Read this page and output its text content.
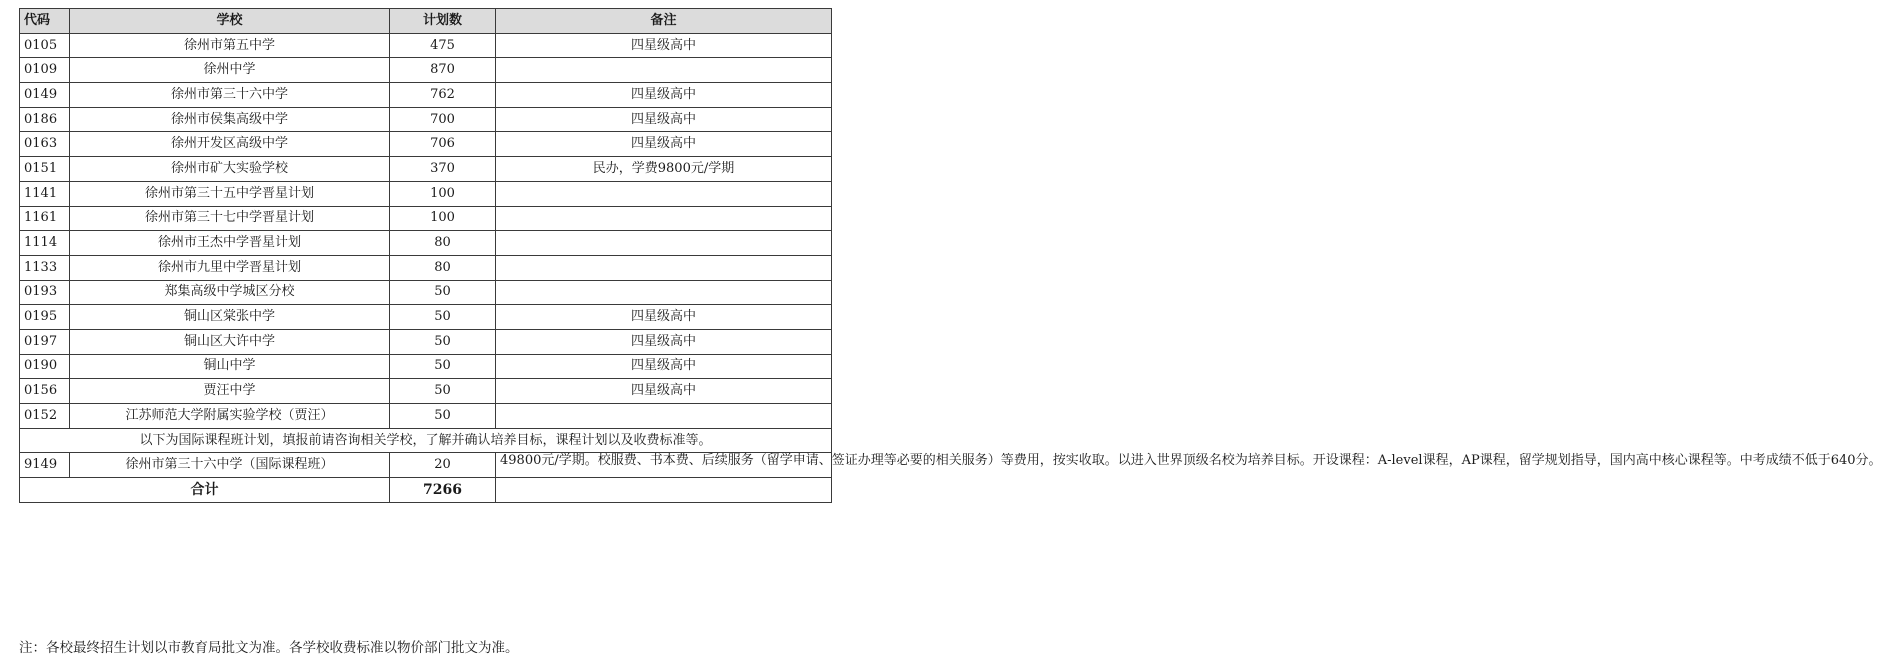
代码	学校	计划数	备注
0105	徐州市第五中学	475	四星级高中
0109	徐州中学	870	
0149	徐州市第三十六中学	762	四星级高中
0186	徐州市侯集高级中学	700	四星级高中
0163	徐州开发区高级中学	706	四星级高中
0151	徐州市矿大实验学校	370	民办，学费9800元/学期
1141	徐州市第三十五中学晋星计划	100	
1161	徐州市第三十七中学晋星计划	100	
1114	徐州市王杰中学晋星计划	80	
1133	徐州市九里中学晋星计划	80	
0193	郑集高级中学城区分校	50	
0195	铜山区棠张中学	50	四星级高中
0197	铜山区大许中学	50	四星级高中
0190	铜山中学	50	四星级高中
0156	贾汪中学	50	四星级高中
0152	江苏师范大学附属实验学校（贾汪）	50	
以下为国际课程班计划，填报前请咨询相关学校，了解并确认培养目标，课程计划以及收费标准等。			
9149	徐州市第三十六中学（国际课程班）	20	49800元/学期。校服费、书本费、后续服务（留学申请、签证办理等必要的相关服务）等费用，按实收取。以进入世界顶级名校为培养目标。开设课程：A-level课程，AP课程，留学规划指导，国内高中核心课程等。中考成绩不低于640分。
合计		7266	
注：各校最终招生计划以市教育局批文为准。各学校收费标准以物价部门批文为准。
